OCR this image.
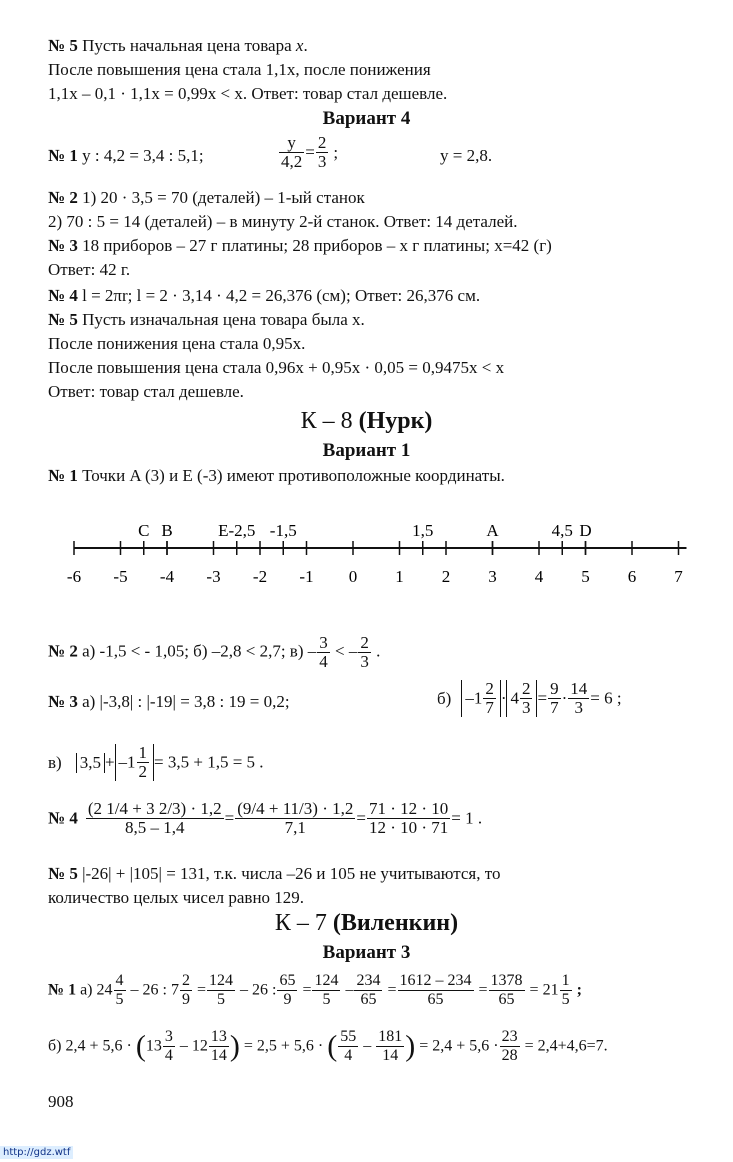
№ 5 Пусть начальная цена товара x.
После повышения цена стала 1,1x, после понижения
1,1x – 0,1 · 1,1x = 0,99x < x. Ответ: товар стал дешевле.
Вариант 4
№ 1 y : 4,2 = 3,4 : 5,1;	$\frac{y}{4,2} = \frac{2}{3}$ ;	y = 2,8.
№ 2 1) 20 · 3,5 = 70 (деталей) – 1-ый станок
2) 70 : 5 = 14 (деталей) – в минуту 2-й станок. Ответ: 14 деталей.
№ 3 18 приборов – 27 г платины; 28 приборов – x г платины; x=42 (г)
Ответ: 42 г.
№ 4 l = 2πr; l = 2 · 3,14 · 4,2 = 26,376 (см); Ответ: 26,376 см.
№ 5 Пусть изначальная цена товара была x.
После понижения цена стала 0,95x.
После повышения цена стала 0,96x + 0,95x · 0,05 = 0,9475x < x
Ответ: товар стал дешевле.
К – 8 (Нурк)
Вариант 1
№ 1 Точки A (3) и E (-3) имеют противоположные координаты.
-6 -5 -4 -3 -2 -1 0 1 2 3 4 5 6 7
C B	E-2,5 -1,5	1,5	A	4,5 D
№ 2 а) -1,5 < - 1,05; б) –2,8 < 2,7; $в) - \frac{3}{4}$ < – $\frac{2}{3}$ .
№ 3 а) |-3,8| : |-19| = 3,8 : 19 = 0,2;	б) $-1 \frac{2}{7} \cdot 4 \frac{2}{3} = \frac{9}{7} \cdot \frac{14}{3} = 6$ ;
в) $3,5 + -1 \frac{1}{2} = 3,5 + 1,5 = 5$ .
№ $4 \frac{(2 1/4 + 3 2/3) \cdot 1,2}{8,5 - 1,4} = \frac{(9/4 + 11/3) \cdot 1,2}{7,1} = \frac{71 \cdot 12 \cdot 10}{12 \cdot 10 \cdot 71} = 1$ .
№ 5 |-26| + |105| = 131, т.к. числа –26 и 105 не учитываются, то
количество целых чисел равно 129.
К – 7 (Виленкин)
Вариант 3
№ 1 а) $24 \frac{4}{5} - 26$ : $7 \frac{2}{9} = \frac{124}{5} - 26$ : $\frac{65}{9} = \frac{124}{5} - \frac{234}{65} = \frac{1612 - 234}{65} = \frac{1378}{65} = 21 \frac{1}{5}$ ;
б) $2,4 + 5,6 \cdot (13 \frac{3}{4} - 12 \frac{13}{14}$ ) = 2,5 + 5,6 · ( $\frac{55}{4} - \frac{181}{14}$ ) = $2,4 + 5,6 \cdot \frac{23}{28} = 2,4+4,6=7$.
908
http://gdz.wtf
